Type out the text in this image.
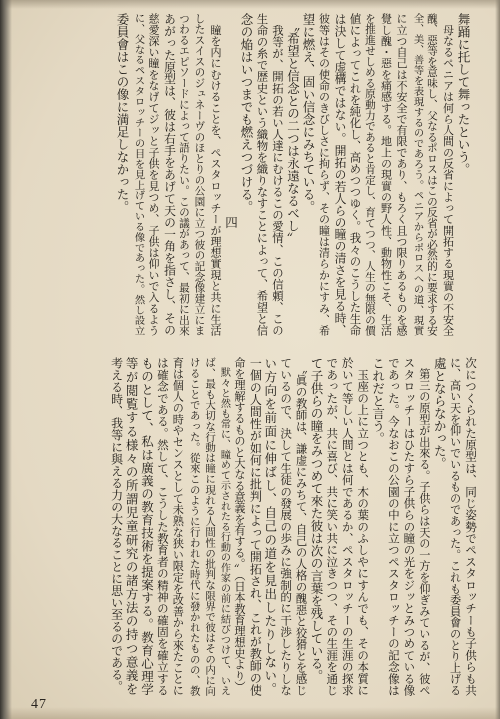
舞踊に托して舞ったという。
　母なるペニアは何ら人間の反省によって開拓する現實の不安全
醜、惡等を意味し、父なるポロスはこの反省が必然的に要求する安
全、美、善等を表現するのであろう。ペニアからポロスへの道、現實
に立つ自己は不安全で有限であり、もろく且つ限りあるものを感
覺し醜・惡を痛感する。地上の現實の野人性、動物性こそ、生活
を推進せしめる原動力であると肯定し、育てつつ、人生の無限の價
値によってこれを純化し、高めつつゆく。我々のこうした生命
は決して虚構ではない。開拓の若人らの瞳の清さを見る時、
彼等はその使命のきびしさに拘らず、その瞳は清らかにすみ、希
望に燃え、固い信念にみちている。
　〝希望と信念との二つは永遠なるべし〟
　我等が、開拓の若い人達にむけるこの愛情、この信頼、この
生命の糸で歴史という織物を織りなすことによって、希望と信
念の焔はいつまでも燃えつづける。
四
　瞳を内にむけることを、ペスタロッチーが理想實現と共に生活
したスイスのジュネーヴのほとりの公園に立つ彼の記念像建立にま
つわるエピソードによって語りたい。この議があって、最初に出來
あがった原型は、彼は右手をあげて天の一角を指さし、その
慈愛深い瞳をなげてジッと子供を見つめ、子供は仰いで入るよう
に、父なるペスタロッチーの目を見上げている像であった。然し設立
委員會はこの像に満足しなかった。
次につくられた原型は、同じ姿勢でペスタロッチーも子供らも共
に、高い天を仰いでいるものであった。これも委員會のとり上げる
處とならなかった。
　第三の原型が出來る。子供らは天の一方を仰ぎみているが、彼ペ
スタロッチーはひたすら子供らの瞳の光をジッとみつめている像
であった。今なおこの公園の中に立つペスタロッチーの記念像は
これだと言う。
　玉座の上に立つとも、木の葉のふしやにすんでも、その本質に
於いて等しい人間とは何であるか、ペスタロッチーの生涯の探求
であったが、共に喜び、共に笑い共に泣きつつ、その生涯を通じ
て子供らの瞳をみつめて來た彼は次の言葉を残している。
　〝眞の教師は、謙虚にみちて、自己の人格の醜惡と狡猾とを感じ
ているので、決して生徒の發展の歩みに強制的に干渉したりしな
い方向を前面に伸ばし、自己の道を見出したりしない。
一個の人間性が如何に批判によって開拓され、これが教師の使
命を理解するものと大なる意義を有する。〟（日本教育理想史より）
　默々と然も常に、瞳めて示されたる行動の作家の前に結びつけて、いえ
ば、最も大切な行動は瞳に現れる人間性の批判な限界で彼はその内に向
けることであった。從來このように行われた時代に發かれたものの、教
育は個人の時やセンスとして未熟な狭い限定を改善から來たことに
は確念である。然して、こうした教育者の精神の確固を確立する
ものとして、私は廣義の教育技術を提案する。教育心理学
等が閲覧する様々の所謂児童研究の諸方法の持つ意義を
考える時、我等に與える力の大なることに思い至るのである。
47
